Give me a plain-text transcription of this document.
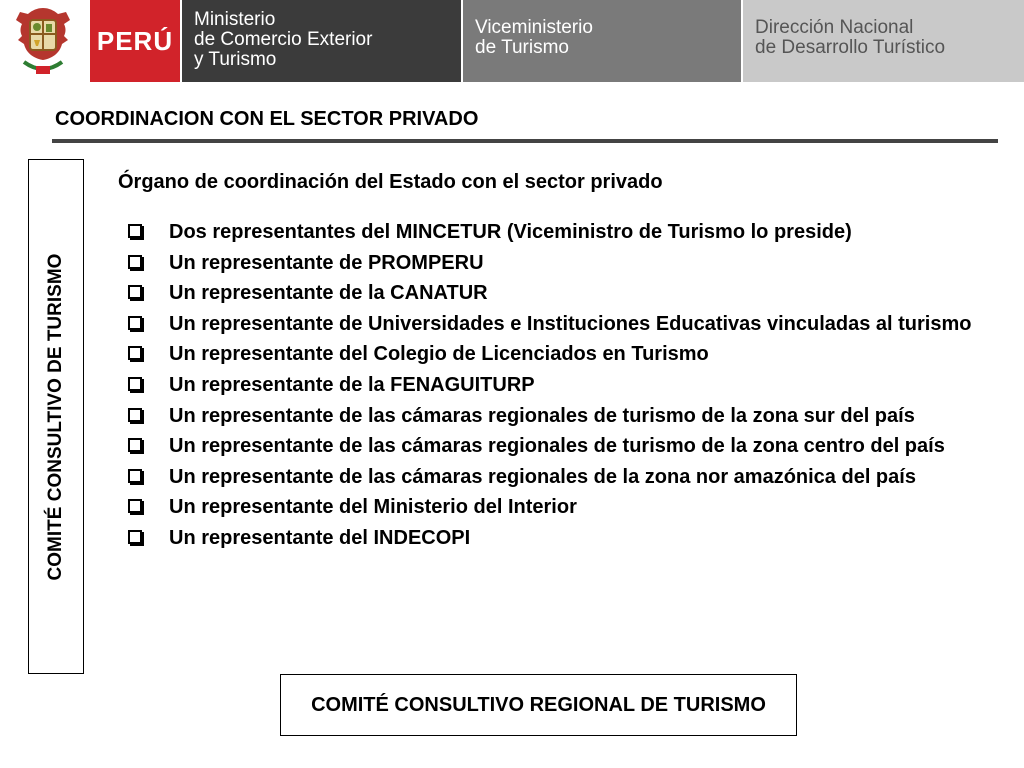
PERÚ
Ministerio
de Comercio Exterior
y Turismo
Viceministerio
de Turismo
Dirección Nacional
de Desarrollo Turístico
COORDINACION CON EL SECTOR PRIVADO
COMITÉ CONSULTIVO DE TURISMO
Órgano de coordinación del Estado con el sector privado
Dos representantes del MINCETUR (Viceministro de Turismo lo preside)
Un representante de PROMPERU
Un representante de la CANATUR
Un representante de Universidades e Instituciones Educativas vinculadas al turismo
Un representante del Colegio de Licenciados en Turismo
Un representante de la FENAGUITURP
Un representante de las cámaras regionales de turismo de la zona sur del país
Un representante de las cámaras regionales de turismo de la zona centro del país
Un representante de las cámaras regionales de la zona nor amazónica del país
Un representante del Ministerio del Interior
Un representante del INDECOPI
COMITÉ CONSULTIVO REGIONAL DE TURISMO
